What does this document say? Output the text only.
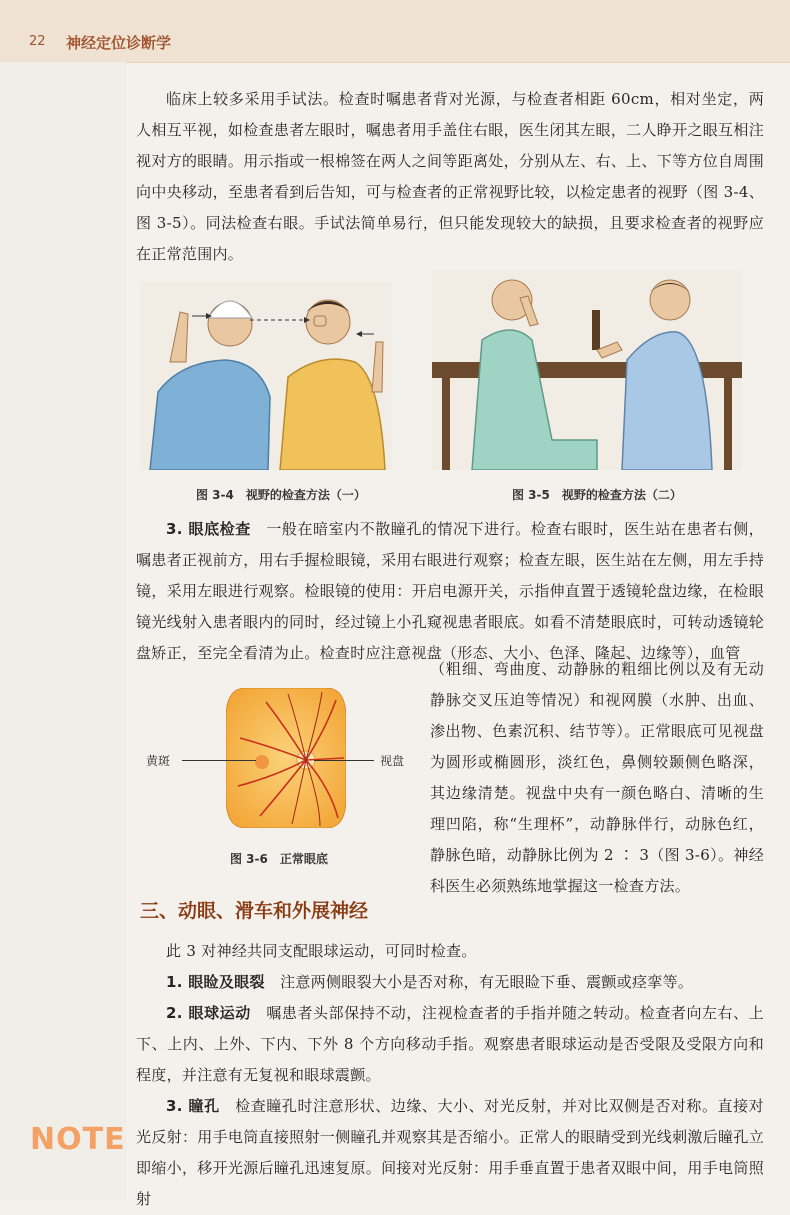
22 神经定位诊断学

临床上较多采用手试法。检查时嘱患者背对光源，与检查者相距 60cm，相对坐定，两人相互平视，如检查患者左眼时，嘱患者用手盖住右眼，医生闭其左眼，二人睁开之眼互相注视对方的眼睛。用示指或一根棉签在两人之间等距离处，分别从左、右、上、下等方位自周围向中央移动，至患者看到后告知，可与检查者的正常视野比较，以检定患者的视野（图 3-4、图 3-5）。同法检查右眼。手试法简单易行，但只能发现较大的缺损，且要求检查者的视野应在正常范围内。

图 3-4　视野的检查方法（一）	图 3-5　视野的检查方法（二）

3. 眼底检查　 一般在暗室内不散瞳孔的情况下进行。检查右眼时，医生站在患者右侧，嘱患者正视前方，用右手握检眼镜，采用右眼进行观察；检查左眼，医生站在左侧，用左手持镜，采用左眼进行观察。检眼镜的使用：开启电源开关，示指伸直置于透镜轮盘边缘，在检眼镜光线射入患者眼内的同时，经过镜上小孔窥视患者眼底。如看不清楚眼底时，可转动透镜轮盘矫正，至完全看清为止。检查时应注意视盘（形态、大小、色泽、隆起、边缘等），血管

（粗细、弯曲度、动静脉的粗细比例以及有无动静脉交叉压迫等情况）和视网膜（水肿、出血、渗出物、色素沉积、结节等）。正常眼底可见视盘为圆形或椭圆形，淡红色，鼻侧较颞侧色略深，其边缘清楚。视盘中央有一颜色略白、清晰的生理凹陷，称“生理杯”，动静脉伴行，动脉色红，静脉色暗，动静脉比例为 2 ∶ 3（图 3-6）。神经科医生必须熟练地掌握这一检查方法。

黄斑	视盘
图 3-6　正常眼底
三、动眼、滑车和外展神经

此 3 对神经共同支配眼球运动，可同时检查。

1. 眼睑及眼裂　 注意两侧眼裂大小是否对称，有无眼睑下垂、震颤或痉挛等。

2. 眼球运动　 嘱患者头部保持不动，注视检查者的手指并随之转动。检查者向左右、上下、上内、上外、下内、下外 8 个方向移动手指。观察患者眼球运动是否受限及受限方向和程度，并注意有无复视和眼球震颤。

3. 瞳孔　 检查瞳孔时注意形状、边缘、大小、对光反射，并对比双侧是否对称。直接对光反射：用手电筒直接照射一侧瞳孔并观察其是否缩小。正常人的眼睛受到光线刺激后瞳孔立即缩小，移开光源后瞳孔迅速复原。间接对光反射：用手垂直置于患者双眼中间，用手电筒照射

NOTE
